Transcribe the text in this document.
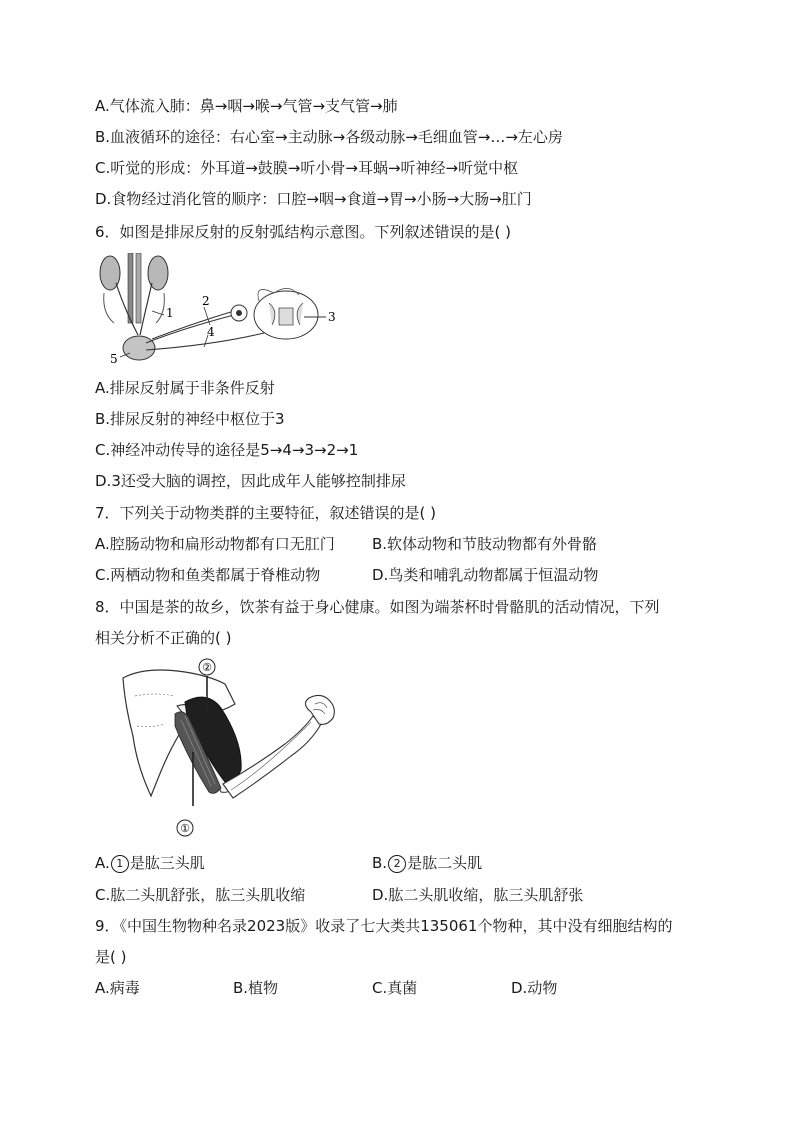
A.气体流入肺：鼻→咽→喉→气管→支气管→肺
B.血液循环的途径：右心室→主动脉→各级动脉→毛细血管→…→左心房
C.听觉的形成：外耳道→鼓膜→听小骨→耳蜗→听神经→听觉中枢
D.食物经过消化管的顺序：口腔→咽→食道→胃→小肠→大肠→肛门
6．如图是排尿反射的反射弧结构示意图。下列叙述错误的是( )
1
2
3
4
5
A.排尿反射属于非条件反射
B.排尿反射的神经中枢位于3
C.神经冲动传导的途径是5→4→3→2→1
D.3还受大脑的调控，因此成年人能够控制排尿
7．下列关于动物类群的主要特征，叙述错误的是( )
A.腔肠动物和扁形动物都有口无肛门 B.软体动物和节肢动物都有外骨骼
C.两栖动物和鱼类都属于脊椎动物	D.鸟类和哺乳动物都属于恒温动物
8．中国是茶的故乡，饮茶有益于身心健康。如图为端茶杯时骨骼肌的活动情况，下列
相关分析不正确的( )
②
①
A. 1 是肱三头肌	B. 2 是肱二头肌
C.肱二头肌舒张，肱三头肌收缩	D.肱二头肌收缩，肱三头肌舒张
9．《中国生物物种名录2023版》收录了七大类共135061个物种，其中没有细胞结构的
是( )
A.病毒	B.植物	C.真菌	D.动物
